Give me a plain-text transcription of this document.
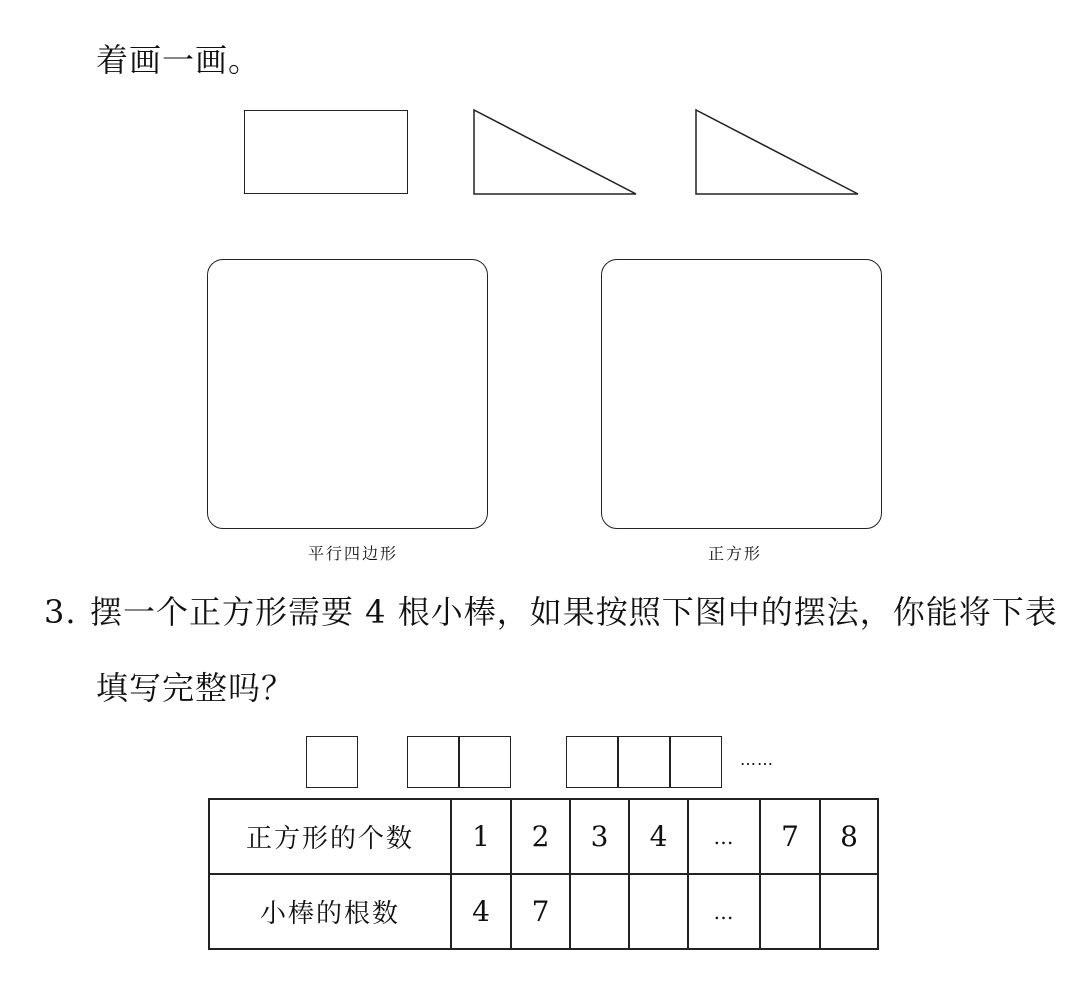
着画一画。
平行四边形	正方形
3. 摆一个正方形需要 4 根小棒，如果按照下图中的摆法，你能将下表
填写完整吗？
……
正方形的个数	1	2	3	4	…	7	8
小棒的根数	4	7			…		
